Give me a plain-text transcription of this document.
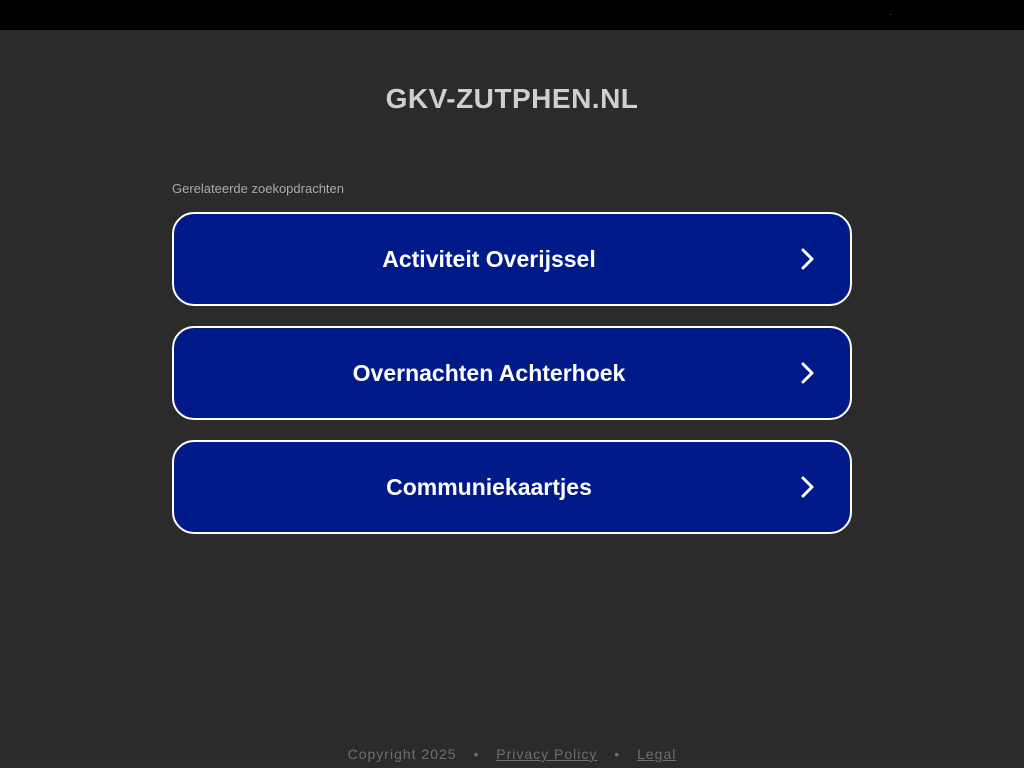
GKV-ZUTPHEN.NL
Gerelateerde zoekopdrachten
Activiteit Overijssel
Overnachten Achterhoek
Communiekaartjes
Copyright 2025 • Privacy Policy • Legal
